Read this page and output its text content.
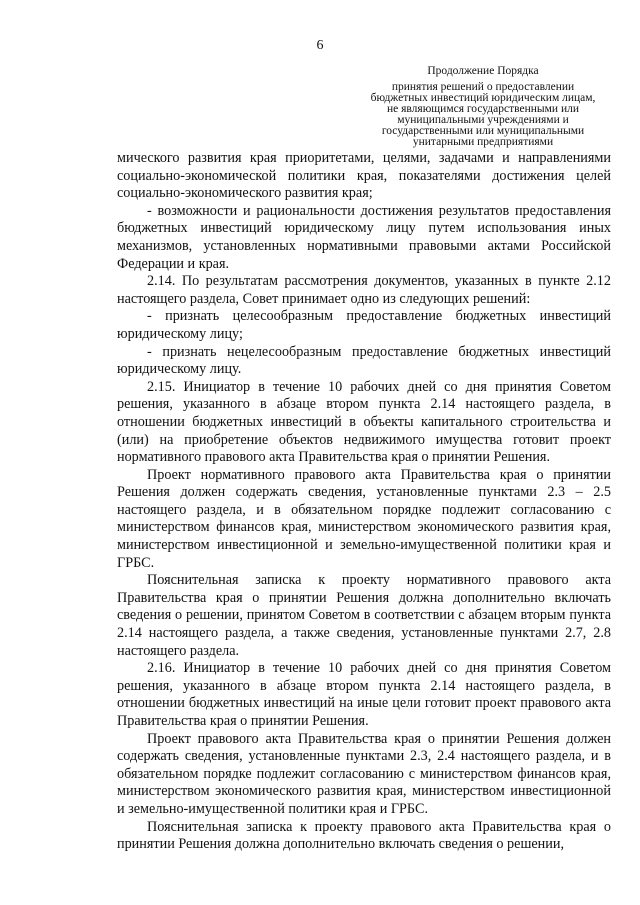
6
Продолжение Порядка
принятия решений о предоставлении
бюджетных инвестиций юридическим лицам,
не являющимся государственными или
муниципальными учреждениями и
государственными или муниципальными
унитарными предприятиями

мического развития края приоритетами, целями, задачами и направлениями социально-экономической политики края, показателями достижения целей социально-экономического развития края;

- возможности и рациональности достижения результатов предоставления бюджетных инвестиций юридическому лицу путем использования иных механизмов, установленных нормативными правовыми актами Российской Федерации и края.

2.14. По результатам рассмотрения документов, указанных в пункте 2.12 настоящего раздела, Совет принимает одно из следующих решений:

- признать целесообразным предоставление бюджетных инвестиций юридическому лицу;

- признать нецелесообразным предоставление бюджетных инвестиций юридическому лицу.

2.15. Инициатор в течение 10 рабочих дней со дня принятия Советом решения, указанного в абзаце втором пункта 2.14 настоящего раздела, в отношении бюджетных инвестиций в объекты капитального строительства и (или) на приобретение объектов недвижимого имущества готовит проект нормативного правового акта Правительства края о принятии Решения.

Проект нормативного правового акта Правительства края о принятии Решения должен содержать сведения, установленные пунктами 2.3 – 2.5 настоящего раздела, и в обязательном порядке подлежит согласованию с министерством финансов края, министерством экономического развития края, министерством инвестиционной и земельно-имущественной политики края и ГРБС.

Пояснительная записка к проекту нормативного правового акта Правительства края о принятии Решения должна дополнительно включать сведения о решении, принятом Советом в соответствии с абзацем вторым пункта 2.14 настоящего раздела, а также сведения, установленные пунктами 2.7, 2.8 настоящего раздела.

2.16. Инициатор в течение 10 рабочих дней со дня принятия Советом решения, указанного в абзаце втором пункта 2.14 настоящего раздела, в отношении бюджетных инвестиций на иные цели готовит проект правового акта Правительства края о принятии Решения.

Проект правового акта Правительства края о принятии Решения должен содержать сведения, установленные пунктами 2.3, 2.4 настоящего раздела, и в обязательном порядке подлежит согласованию с министерством финансов края, министерством экономического развития края, министерством инвестиционной и земельно-имущественной политики края и ГРБС.

Пояснительная записка к проекту правового акта Правительства края о принятии Решения должна дополнительно включать сведения о решении,
